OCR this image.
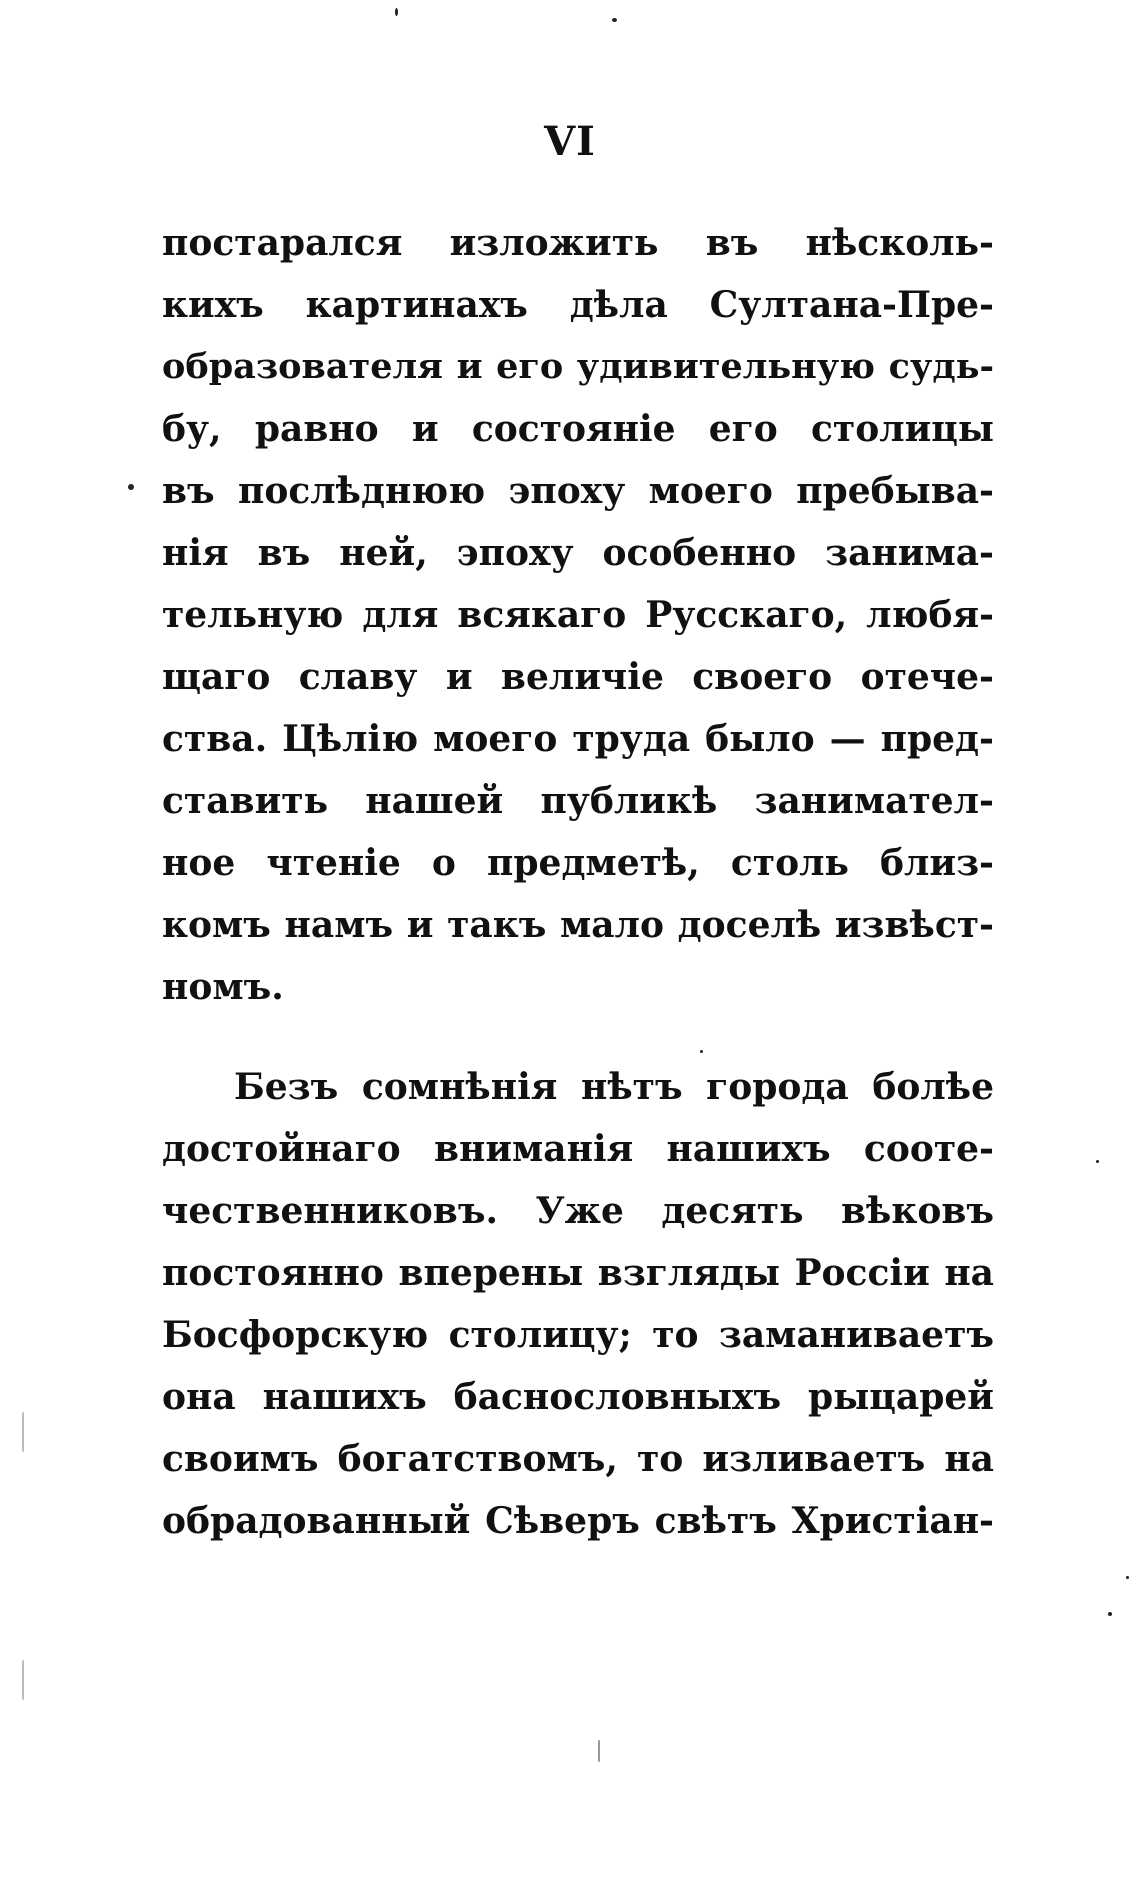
VI
постарался изложить въ нѣсколь-
кихъ картинахъ дѣла Султана-Пре-
образователя и его удивительную судь-
бу, равно и состояніе его столицы
въ послѣднюю эпоху моего пребыва-
нія въ ней, эпоху особенно занима-
тельную для всякаго Русскаго, любя-
щаго славу и величіе своего отече-
ства. Цѣлію моего труда было — пред-
ставить нашей публикѣ занимател-
ное чтеніе о предметѣ, столь близ-
комъ намъ и такъ мало доселѣ извѣст-
номъ.
Безъ сомнѣнія нѣтъ города болѣе
достойнаго вниманія нашихъ сооте-
чественниковъ. Уже десять вѣковъ
постоянно вперены взгляды Россіи на
Босфорскую столицу; то заманиваетъ
она нашихъ баснословныхъ рыцарей
своимъ богатствомъ, то изливаетъ на
обрадованный Сѣверъ свѣтъ Христіан-
